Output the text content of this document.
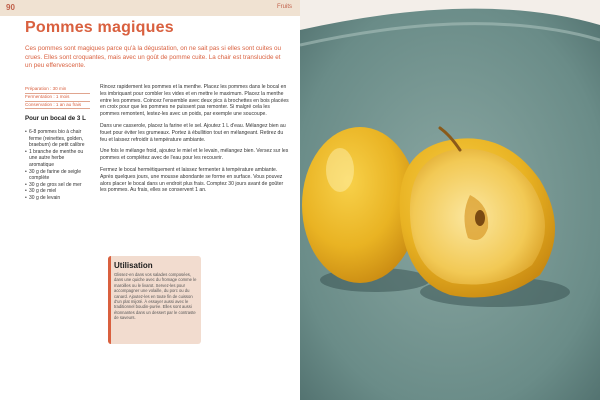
90	Fruits
Pommes magiques
Ces pommes sont magiques parce qu'à la dégustation, on ne sait pas si elles sont cuites ou crues. Elles sont croquantes, mais avec un goût de pomme cuite. La chair est translucide et un peu effervescente.
Préparation : 30 min
Fermentation : 1 mois
Conservation : 1 an au frais
Pour un bocal de 3 L
• 6-8 pommes bio à chair ferme (reinettes, golden, braeburn) de petit calibre
• 1 branche de menthe ou une autre herbe aromatique
• 30 g de farine de seigle complète
• 30 g de gros sel de mer
• 30 g de miel
• 30 g de levain

Rincez rapidement les pommes et la menthe. Placez les pommes dans le bocal en les imbriquant pour combler les vides et en mettre le maximum. Placez la menthe entre les pommes. Coincez l'ensemble avec deux pics à brochettes en bois placées en croix pour que les pommes ne puissent pas remonter. Si malgré cela les pommes remontent, lestez-les avec un poids, par exemple une soucoupe.

Dans une casserole, placez la farine et le sel. Ajoutez 1 L d'eau. Mélangez bien au fouet pour éviter les grumeaux. Portez à ébullition tout en mélangeant. Retirez du feu et laissez refroidir à température ambiante.

Une fois le mélange froid, ajoutez le miel et le levain, mélangez bien. Versez sur les pommes et complétez avec de l'eau pour les recouvrir.

Fermez le bocal hermétiquement et laissez fermenter à température ambiante. Après quelques jours, une mousse abondante se forme en surface. Vous pouvez alors placer le bocal dans un endroit plus frais. Comptez 30 jours avant de goûter les pommes. Au frais, elles se conservent 1 an.

Utilisation
Glissez-en dans vos salades composées, dans une quiche avec du fromage comme le maroilles ou le livarot. Servez-les pour accompagner une volaille, du porc ou du canard. Ajoutez-les en toute fin de cuisson d'un plat mijoté. À essayer aussi avec le traditionnel boudin-purée. Elles sont aussi étonnantes dans un dessert par le contraste de saveurs.
